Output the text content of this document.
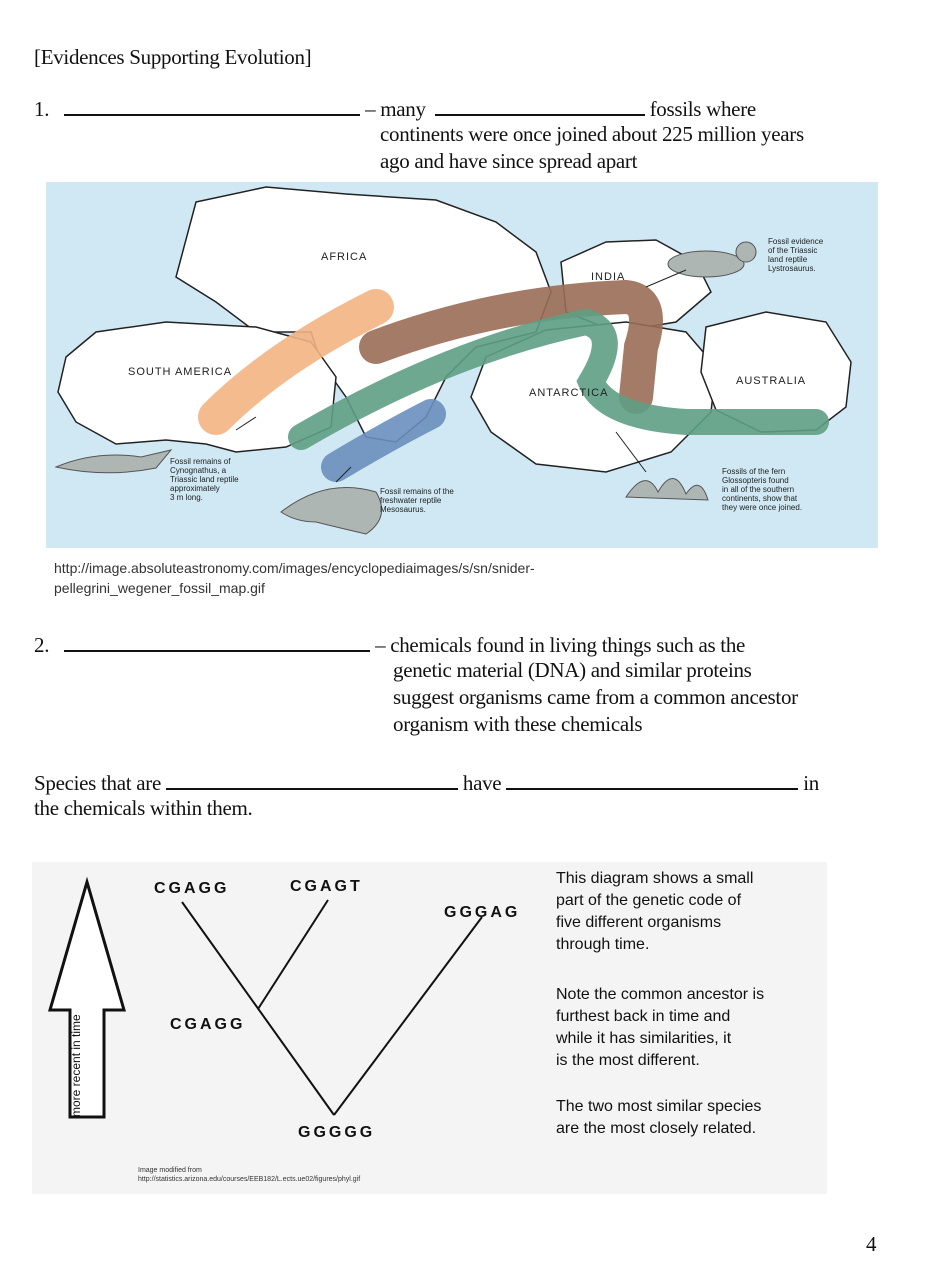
[Evidences Supporting Evolution]
1.	– many	fossils where
continents were once joined about 225 million years
ago and have since spread apart
AFRICA
INDIA
SOUTH AMERICA
ANTARCTICA
AUSTRALIA
Fossil evidence
of the Triassic
land reptile
Lystrosaurus.
Fossil remains of
Cynognathus, a
Triassic land reptile
approximately
3 m long.
Fossil remains of the
freshwater reptile
Mesosaurus.
Fossils of the fern
Glossopteris found
in all of the southern
continents, show that
they were once joined.
http://image.absoluteastronomy.com/images/encyclopediaimages/s/sn/snider-
pellegrini_wegener_fossil_map.gif
2.	– chemicals found in living things such as the
genetic material (DNA) and similar proteins
suggest organisms came from a common ancestor
organism with these chemicals
Species that are	have	in
the chemicals within them.
CGAGG	CGAGT
GGGAG
CGAGG
GGGGG
This diagram shows a small
part of the genetic code of
five different organisms
through time.
Note the common ancestor is
furthest back in time and
while it has similarities, it
is the most different.
The two most similar species
are the most closely related.
Image modified from
http://statistics.arizona.edu/courses/EEB182/L.ects.ue02/figures/phyl.gif
4
